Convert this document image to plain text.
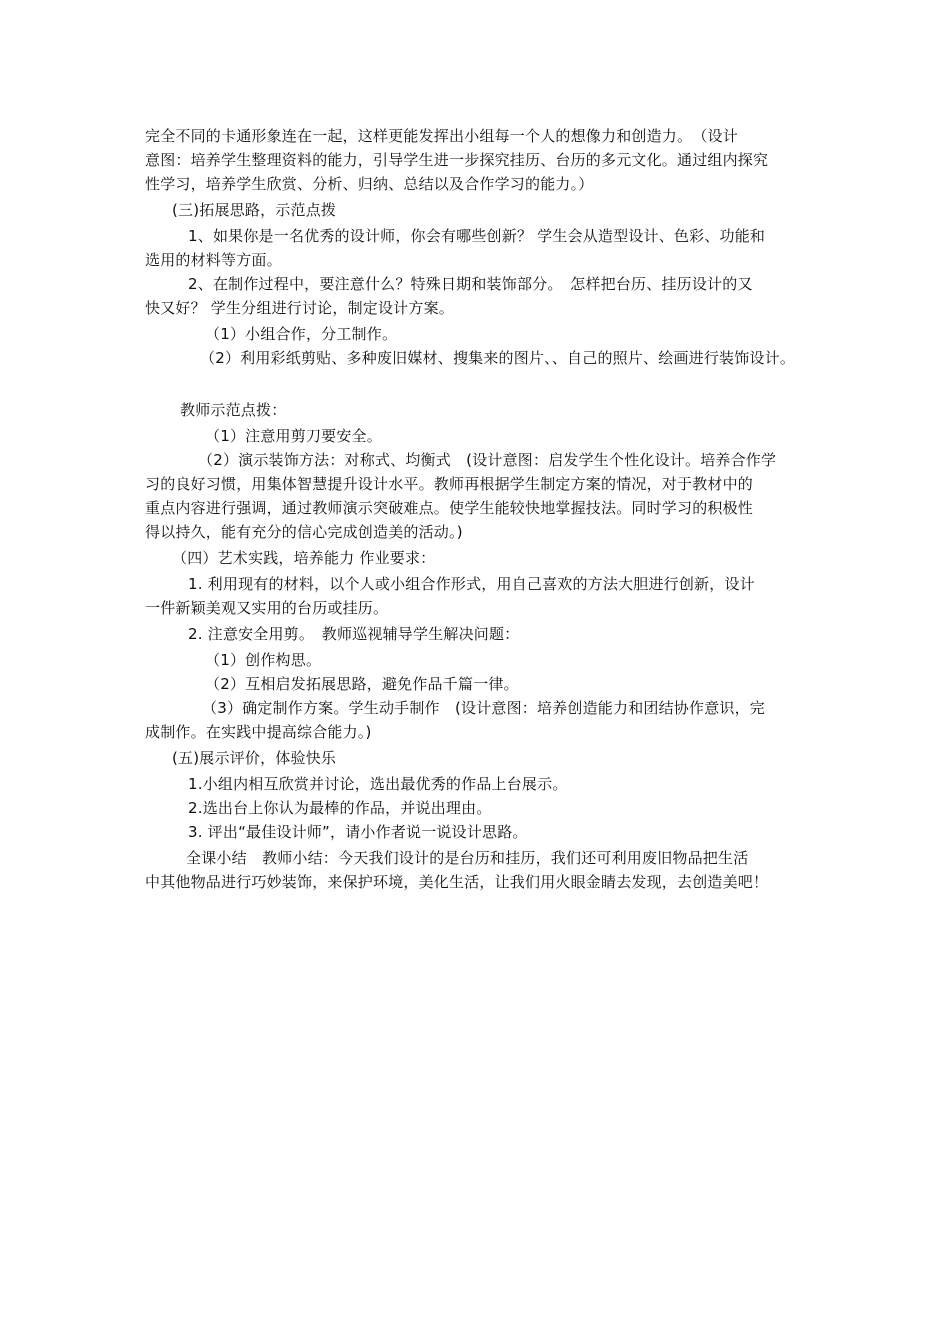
完全不同的卡通形象连在一起，这样更能发挥出小组每一个人的想像力和创造力。　（设计
意图：培养学生整理资料的能力，引导学生进一步探究挂历、台历的多元文化。通过组内探究
性学习，培养学生欣赏、分析、归纳、总结以及合作学习的能力。）
(三)拓展思路，示范点拨
1、如果你是一名优秀的设计师，你会有哪些创新？ 学生会从造型设计、色彩、功能和
选用的材料等方面。
2、在制作过程中，要注意什么？特殊日期和装饰部分。　怎样把台历、挂历设计的又
快又好？ 学生分组进行讨论，制定设计方案。
（1）小组合作，分工制作。
（2）利用彩纸剪贴、多种废旧媒材、搜集来的图片、、自己的照片、绘画进行装饰设计。
教师示范点拨：
（1）注意用剪刀要安全。
（2）演示装饰方法：对称式、均衡式　(设计意图：启发学生个性化设计。培养合作学
习的良好习惯，用集体智慧提升设计水平。教师再根据学生制定方案的情况，对于教材中的
重点内容进行强调，通过教师演示突破难点。使学生能较快地掌握技法。同时学习的积极性
得以持久，能有充分的信心完成创造美的活动。)
（四）艺术实践，培养能力 作业要求：
1. 利用现有的材料，以个人或小组合作形式，用自己喜欢的方法大胆进行创新，设计
一件新颖美观又实用的台历或挂历。
2. 注意安全用剪。　教师巡视辅导学生解决问题：
（1）创作构思。
（2）互相启发拓展思路，避免作品千篇一律。
（3）确定制作方案。学生动手制作　(设计意图：培养创造能力和团结协作意识，完
成制作。在实践中提高综合能力。)
(五)展示评价，体验快乐
1.小组内相互欣赏并讨论，选出最优秀的作品上台展示。
2.选出台上你认为最棒的作品，并说出理由。
3. 评出“最佳设计师”，请小作者说一说设计思路。
全课小结　教师小结：今天我们设计的是台历和挂历，我们还可利用废旧物品把生活
中其他物品进行巧妙装饰，来保护环境，美化生活，让我们用火眼金睛去发现，去创造美吧！
